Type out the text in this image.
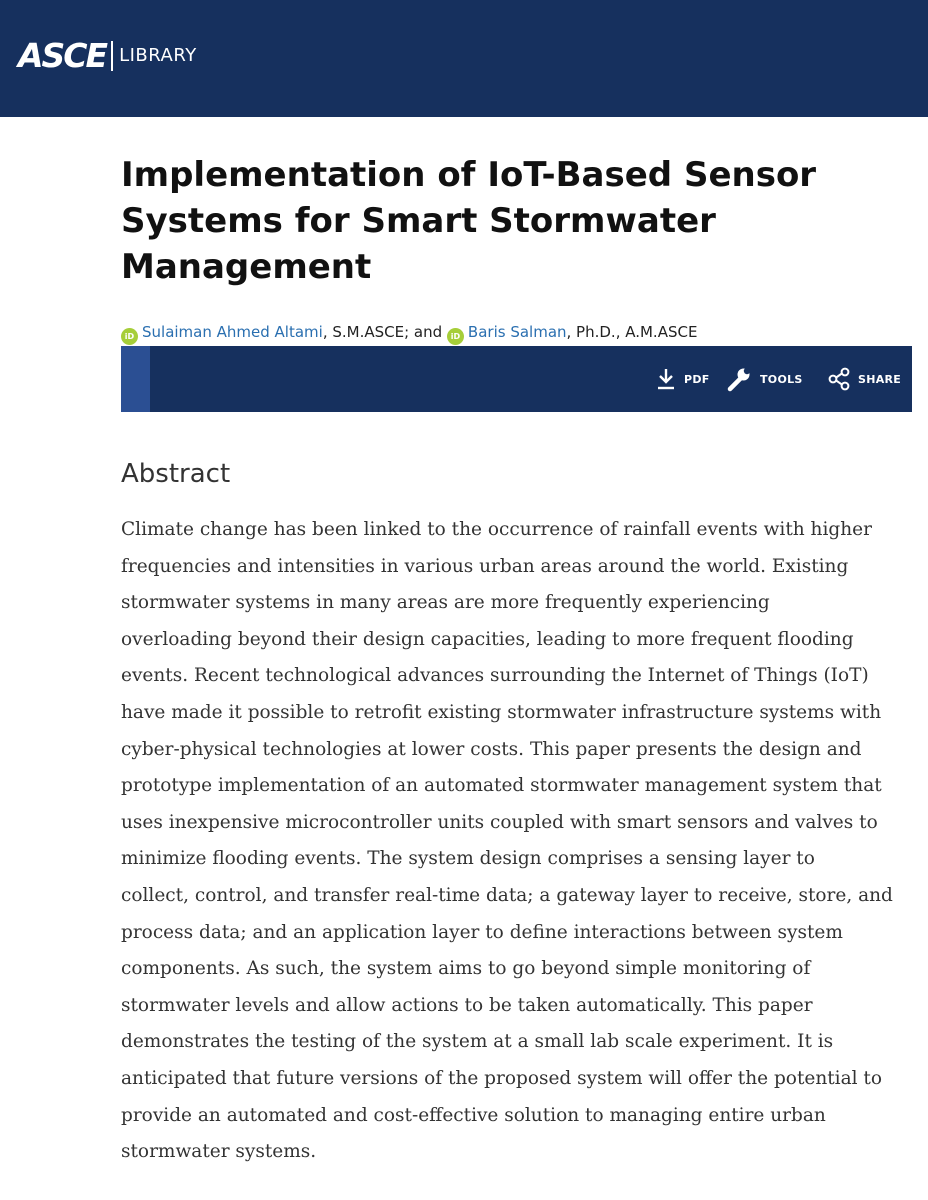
ASCE LIBRARY
Implementation of IoT-Based Sensor Systems for Smart Stormwater Management
iD Sulaiman Ahmed Altami, S.M.ASCE; and iD Baris Salman, Ph.D., A.M.ASCE
PDF	TOOLS	SHARE
Abstract
Climate change has been linked to the occurrence of rainfall events with higher
frequencies and intensities in various urban areas around the world. Existing
stormwater systems in many areas are more frequently experiencing
overloading beyond their design capacities, leading to more frequent flooding
events. Recent technological advances surrounding the Internet of Things (IoT)
have made it possible to retrofit existing stormwater infrastructure systems with
cyber-physical technologies at lower costs. This paper presents the design and
prototype implementation of an automated stormwater management system that
uses inexpensive microcontroller units coupled with smart sensors and valves to
minimize flooding events. The system design comprises a sensing layer to
collect, control, and transfer real-time data; a gateway layer to receive, store, and
process data; and an application layer to define interactions between system
components. As such, the system aims to go beyond simple monitoring of
stormwater levels and allow actions to be taken automatically. This paper
demonstrates the testing of the system at a small lab scale experiment. It is
anticipated that future versions of the proposed system will offer the potential to
provide an automated and cost-effective solution to managing entire urban
stormwater systems.
